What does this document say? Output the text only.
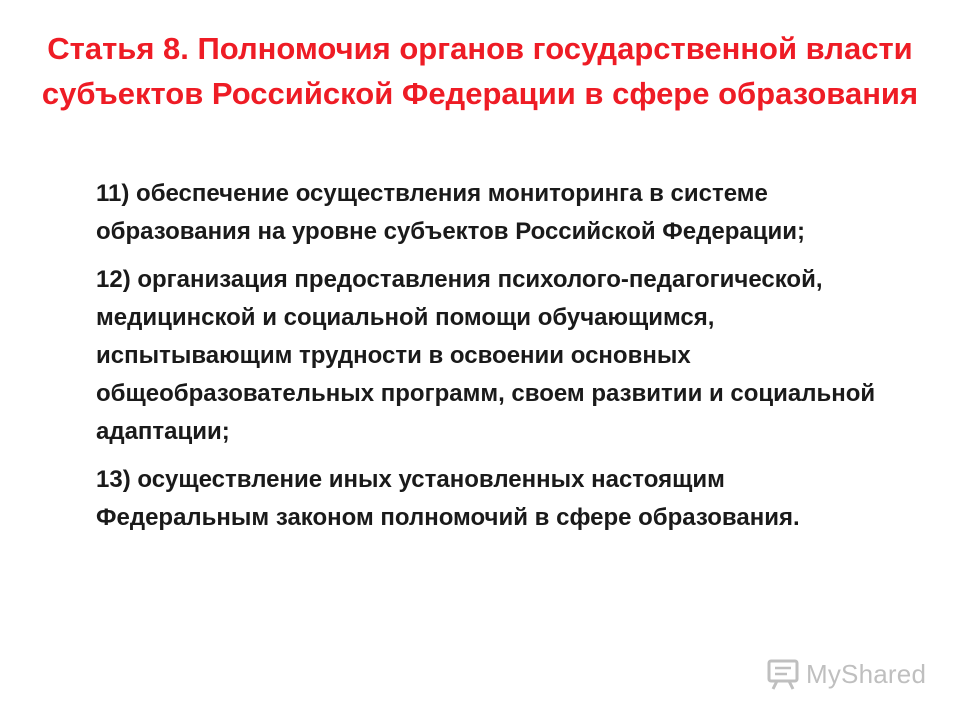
Статья 8. Полномочия органов государственной власти субъектов Российской Федерации в сфере образования
11) обеспечение осуществления мониторинга в системе образования на уровне субъектов Российской Федерации;
12) организация предоставления психолого-педагогической, медицинской и социальной помощи обучающимся, испытывающим трудности в освоении основных общеобразовательных программ, своем развитии и социальной адаптации;
13) осуществление иных установленных настоящим Федеральным законом полномочий в сфере образования.
MyShared
